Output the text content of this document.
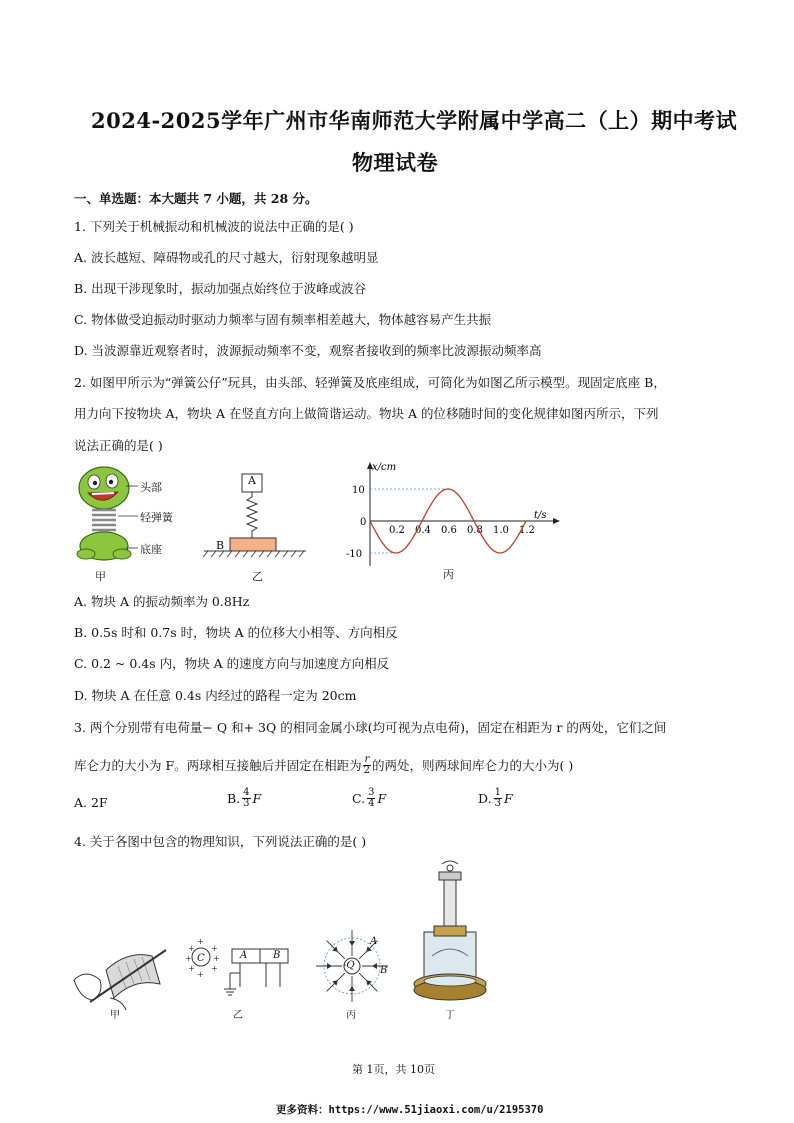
2024-2025学年广州市华南师范大学附属中学高二（上）期中考试
物理试卷
一、单选题：本大题共 7 小题，共 28 分。
1. 下列关于机械振动和机械波的说法中正确的是( )
A. 波长越短、障碍物或孔的尺寸越大，衍射现象越明显
B. 出现干涉现象时，振动加强点始终位于波峰或波谷
C. 物体做受迫振动时驱动力频率与固有频率相差越大，物体越容易产生共振
D. 当波源靠近观察者时，波源振动频率不变，观察者接收到的频率比波源振动频率高
2. 如图甲所示为“弹簧公仔”玩具，由头部、轻弹簧及底座组成，可简化为如图乙所示模型。现固定底座 B，
用力向下按物块 A，物块 A 在竖直方向上做简谐运动。物块 A 的位移随时间的变化规律如图丙所示，下列
说法正确的是( )
头部
轻弹簧
底座
甲
A
B
乙
x/cm
t/s
0
0.2 0.4 0.6 0.8 1.0 1.2
10
-10
丙
A. 物块 A 的振动频率为 0.8Hz
B. 0.5s 时和 0.7s 时，物块 A 的位移大小相等、方向相反
C. 0.2 ~ 0.4s 内，物块 A 的速度方向与加速度方向相反
D. 物块 A 在任意 0.4s 内经过的路程一定为 20cm
3. 两个分别带有电荷量− Q 和+ 3Q 的相同金属小球(均可视为点电荷)，固定在相距为 r 的两处，它们之间
库仑力的大小为 F。两球相互接触后并固定在相距为 $\frac{r}{2}$ 的两处，则两球间库仑力的大小为( )
A. 2F	B. $\frac{4}{3}$ F	C. $\frac{3}{4}$ F	D. $\frac{1}{3}$ F
4. 关于各图中包含的物理知识，下列说法正确的是( )
甲
+
+ +
+	+
+ +
+
C	A	B
乙
-Q
A
B
丙	丁
第 1页，共 10页
更多资料：https://www.51jiaoxi.com/u/2195370
